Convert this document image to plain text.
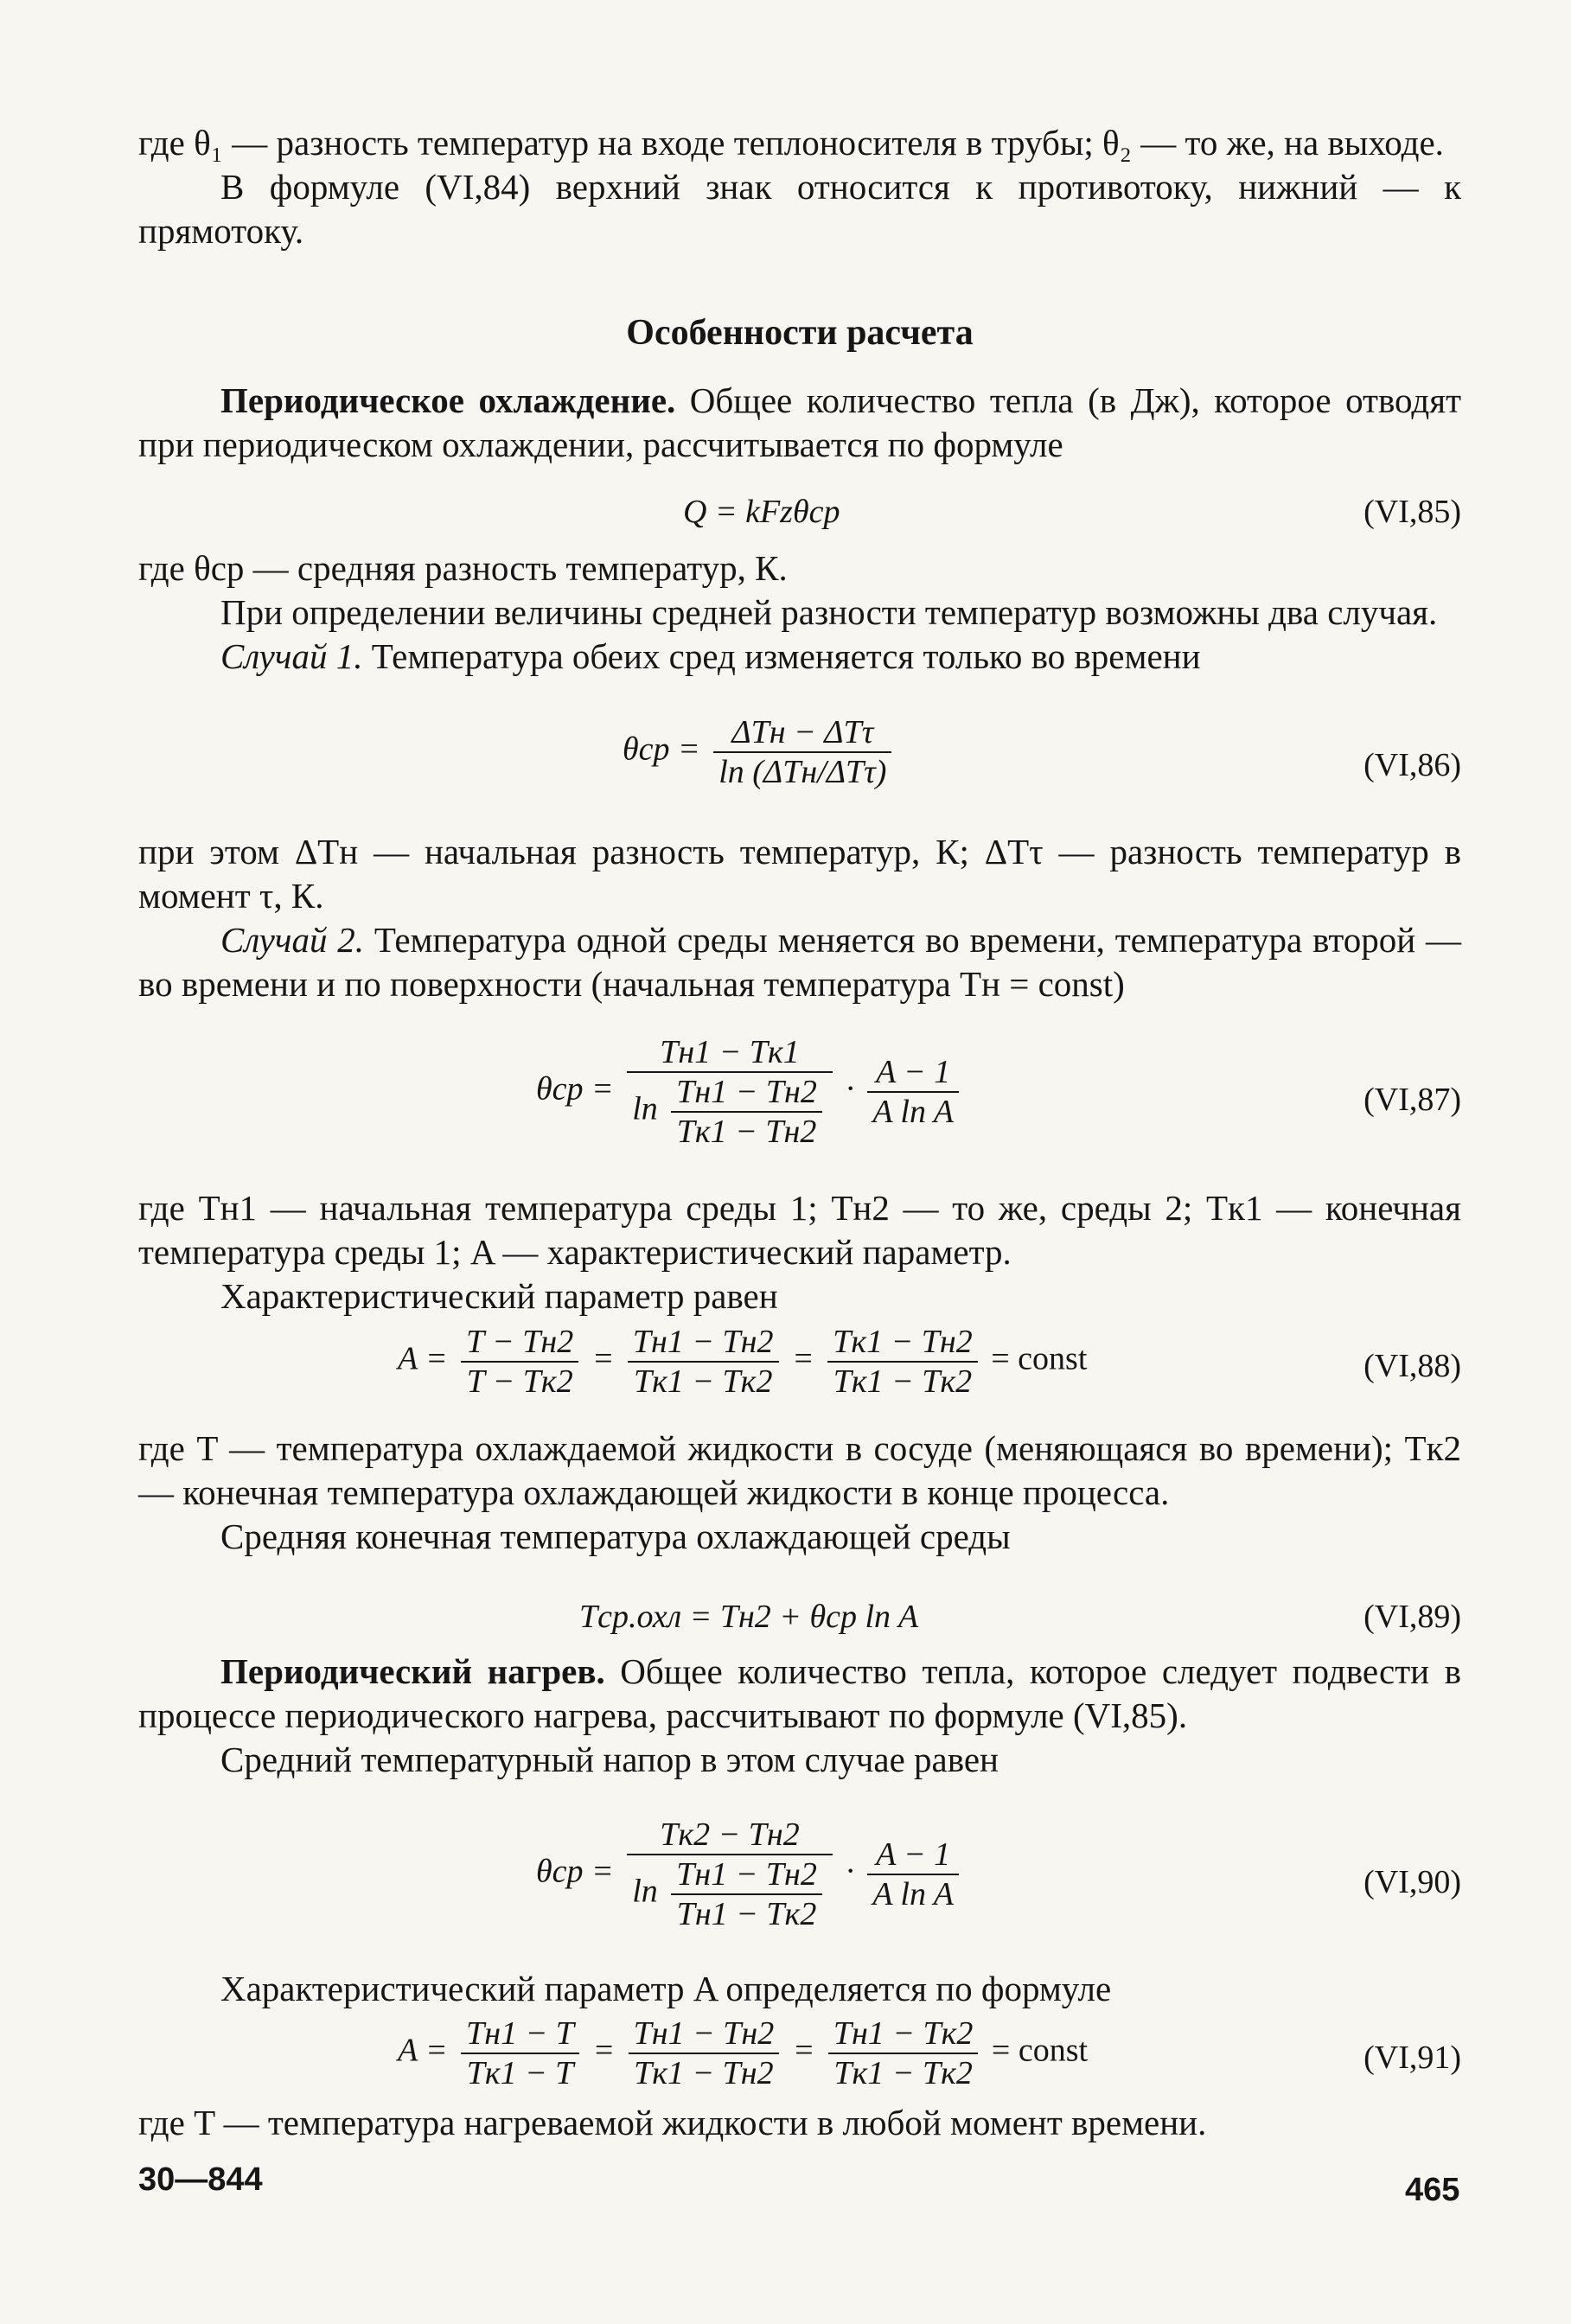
где θ₁ — разность температур на входе теплоносителя в трубы; θ₂ — то же, на выходе.

В формуле (VI,84) верхний знак относится к противотоку, нижний — к прямотоку.

Особенности расчета

Периодическое охлаждение. Общее количество тепла (в Дж), которое отводят при периодическом охлаждении, рассчитывается по формуле

Q = kFzθср	(VI,85)

где θср — средняя разность температур, К.

При определении величины средней разности температур возможны два случая.

Случай 1. Температура обеих сред изменяется только во времени

$\theta ср = \frac{\text{ΔTн − ΔTτ}}{\text{ln (ΔTн/ΔTτ)}}$	(VI,86)

при этом ΔTн — начальная разность температур, К; ΔTτ — разность температур в момент τ, К.

Случай 2. Температура одной среды меняется во времени, температура второй — во времени и по поверхности (начальная температура Tн = const)

$\theta ср = \frac{Tн1 - Tк1}{\ln \frac{Tн1 - Tн2}{Tк1 - Tн2}} \cdot \frac{A - 1}{\text{A ln A}}$	(VI,87)

где Tн1 — начальная температура среды 1; Tн2 — то же, среды 2; Tк1 — конечная температура среды 1; A — характеристический параметр.

Характеристический параметр равен

$A = \frac{T - Tн2}{T - Tк2} = \frac{Tн1 - Tн2}{Tк1 - Tк2} = \frac{Tк1 - Tн2}{Tк1 - Tк2}$ = const	(VI,88)

где T — температура охлаждаемой жидкости в сосуде (меняющаяся во времени); Tк2 — конечная температура охлаждающей жидкости в конце процесса.

Средняя конечная температура охлаждающей среды

Tср.охл = Tн2 + θср ln A	(VI,89)

Периодический нагрев. Общее количество тепла, которое следует подвести в процессе периодического нагрева, рассчитывают по формуле (VI,85).

Средний температурный напор в этом случае равен

$\theta ср = \frac{Tк2 - Tн2}{\ln \frac{Tн1 - Tн2}{Tн1 - Tк2}} \cdot \frac{A - 1}{\text{A ln A}}$	(VI,90)

Характеристический параметр A определяется по формуле

$A = \frac{Tн1 - T}{Tк1 - T} = \frac{Tн1 - Tн2}{Tк1 - Tн2} = \frac{Tн1 - Tк2}{Tк1 - Tк2}$ = const	(VI,91)

где T — температура нагреваемой жидкости в любой момент времени.

30—844	465
